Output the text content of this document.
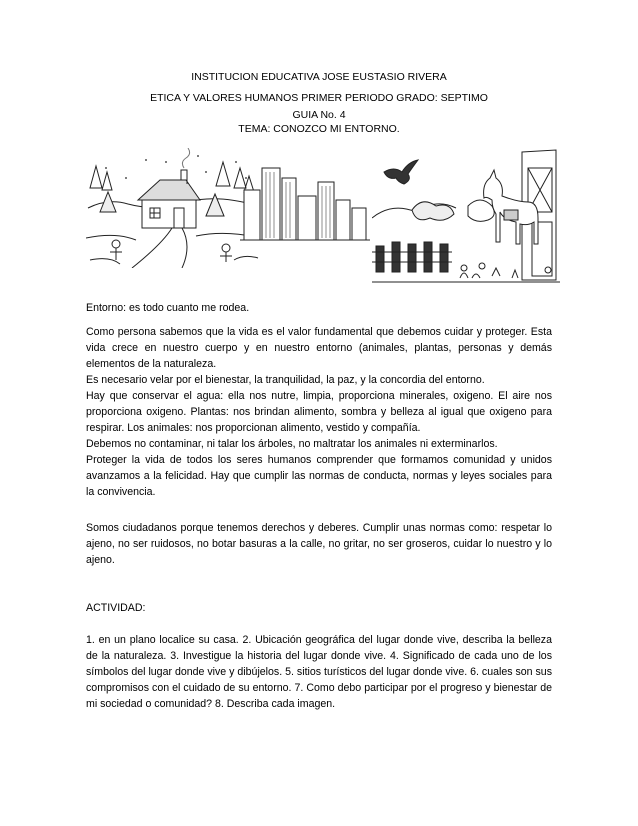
INSTITUCION EDUCATIVA JOSE EUSTASIO RIVERA
ETICA Y VALORES HUMANOS PRIMER PERIODO GRADO: SEPTIMO
GUIA No. 4
TEMA: CONOZCO MI ENTORNO.

Entorno: es todo cuanto me rodea.

Como persona sabemos que la vida es el valor fundamental que debemos cuidar y proteger. Esta vida crece en nuestro cuerpo y en nuestro entorno (animales, plantas, personas y demás elementos de la naturaleza.

Es necesario velar por el bienestar, la tranquilidad, la paz, y la concordia del entorno.

Hay que conservar el agua: ella nos nutre, limpia, proporciona minerales, oxigeno. El aire nos proporciona oxigeno. Plantas: nos brindan alimento, sombra y belleza al igual que oxigeno para respirar. Los animales: nos proporcionan alimento, vestido y compañía.

Debemos no contaminar, ni talar los árboles, no maltratar los animales ni exterminarlos.

Proteger la vida de todos los seres humanos comprender que formamos comunidad y unidos avanzamos a la felicidad. Hay que cumplir las normas de conducta, normas y leyes sociales para la convivencia.

Somos ciudadanos porque tenemos derechos y deberes. Cumplir unas normas como: respetar lo ajeno, no ser ruidosos, no botar basuras a la calle, no gritar, no ser groseros, cuidar lo nuestro y lo ajeno.

ACTIVIDAD:

1. en un plano localice su casa. 2. Ubicación geográfica del lugar donde vive, describa la belleza de la naturaleza. 3. Investigue la historia del lugar donde vive. 4. Significado de cada uno de los símbolos del lugar donde vive y dibújelos. 5. sitios turísticos del lugar donde vive. 6. cuales son sus compromisos con el cuidado de su entorno. 7. Como debo participar por el progreso y bienestar de mi sociedad o comunidad? 8. Describa cada imagen.
